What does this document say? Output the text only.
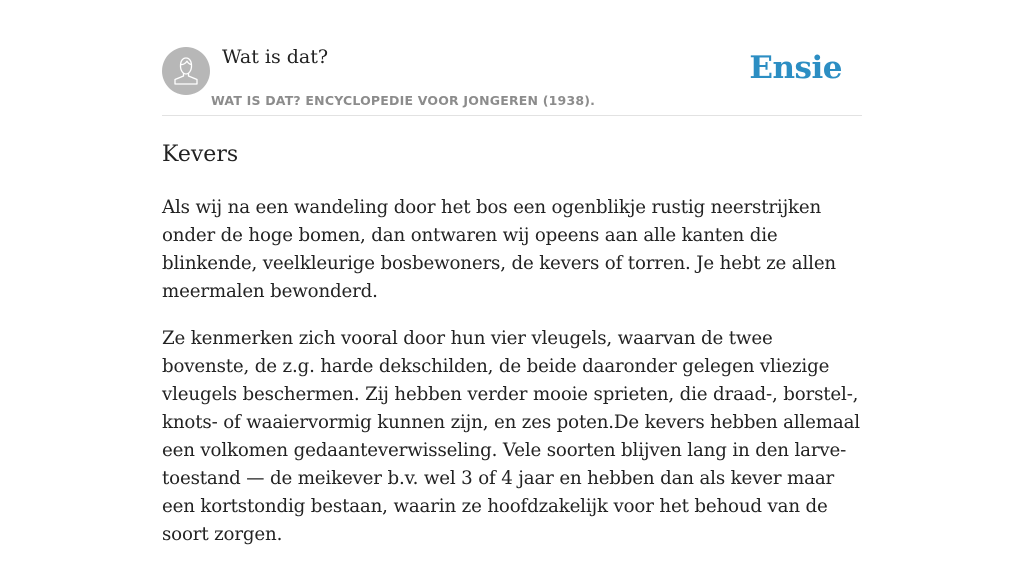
Wat is dat?
WAT IS DAT? ENCYCLOPEDIE VOOR JONGEREN (1938).
Ensie
Kevers

Als wij na een wandeling door het bos een ogenblikje rustig neerstrijken onder de hoge bomen, dan ontwaren wij opeens aan alle kanten die blinkende, veelkleurige bosbewoners, de kevers of torren. Je hebt ze allen meermalen bewonderd.

Ze kenmerken zich vooral door hun vier vleugels, waarvan de twee bovenste, de z.g. harde dekschilden, de beide daaronder gelegen vliezige vleugels beschermen. Zij hebben verder mooie sprieten, die draad-, borstel-, knots- of waaiervormig kunnen zijn, en zes poten.De kevers hebben allemaal een volkomen gedaanteverwisseling. Vele soorten blijven lang in den larve-toestand — de meikever b.v. wel 3 of 4 jaar en hebben dan als kever maar een kortstondig bestaan, waarin ze hoofdzakelijk voor het behoud van de soort zorgen.
